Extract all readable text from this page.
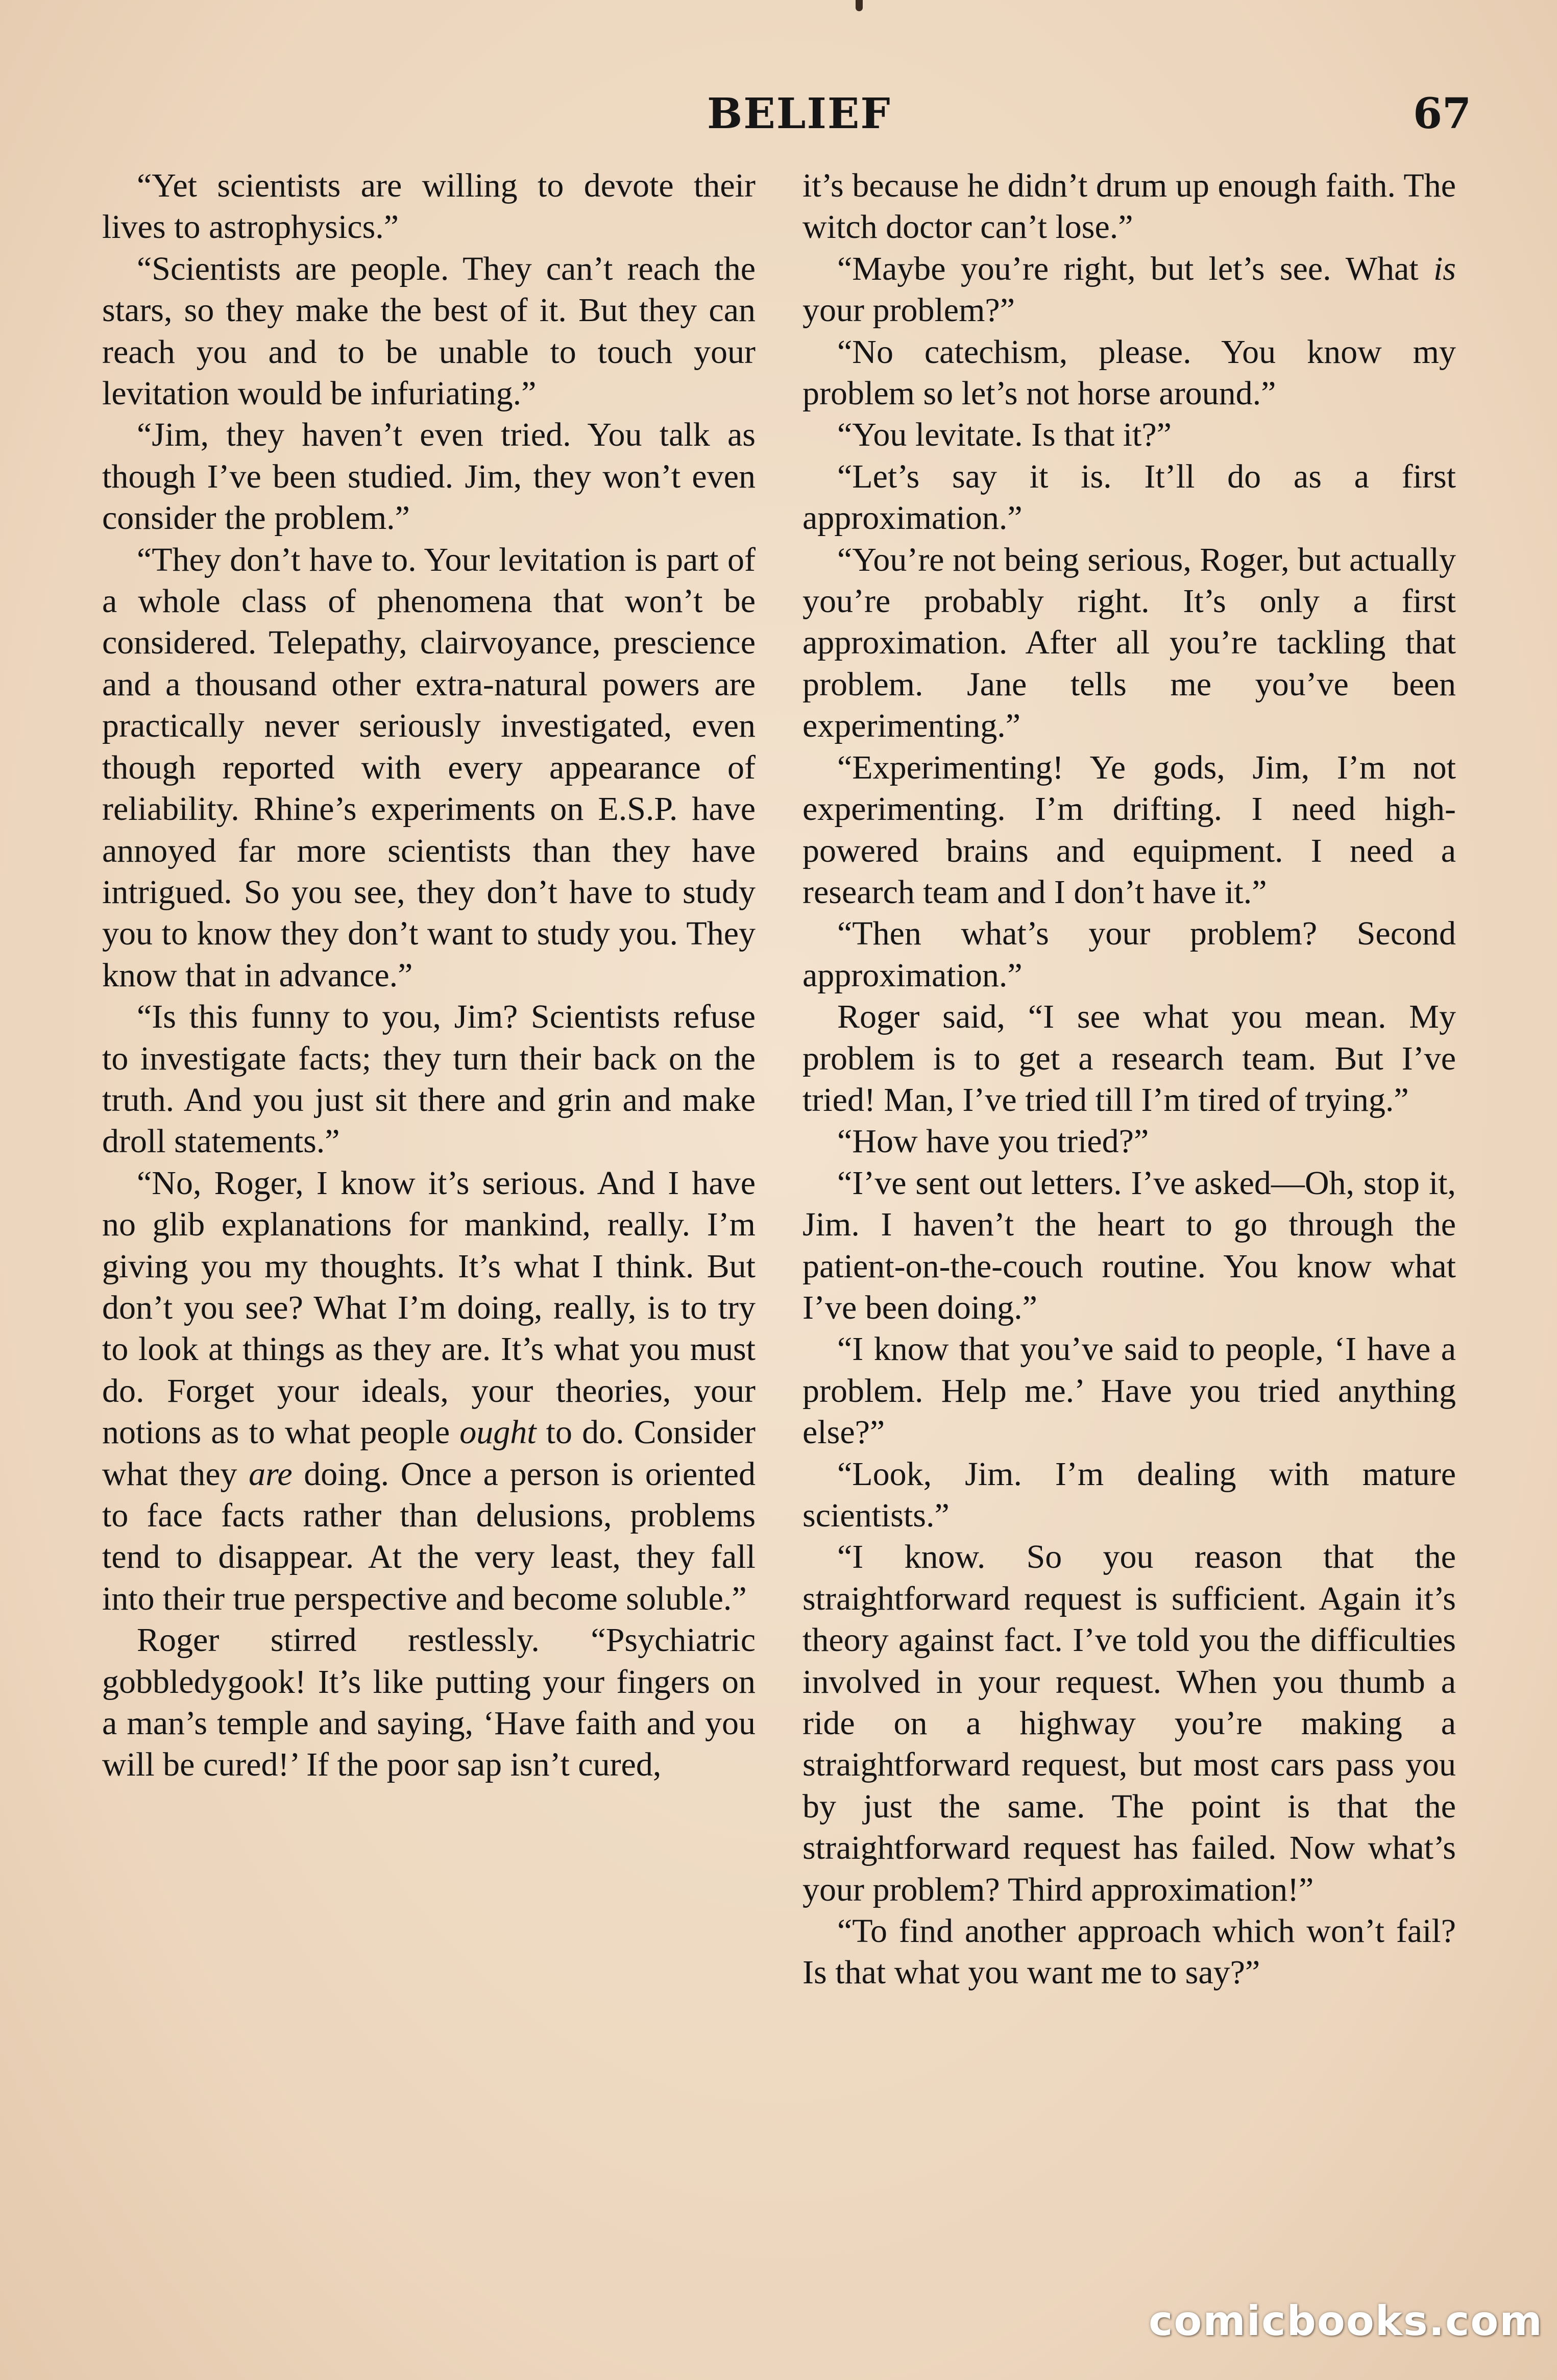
BELIEF	67

“Yet scientists are willing to devote their lives to astrophysics.”

“Scientists are people. They can’t reach the stars, so they make the best of it. But they can reach you and to be unable to touch your levitation would be infuriating.”

“Jim, they haven’t even tried. You talk as though I’ve been studied. Jim, they won’t even consider the problem.”

“They don’t have to. Your levitation is part of a whole class of phenomena that won’t be considered. Telepathy, clairvoyance, prescience and a thousand other extra-natural powers are practically never seriously investigated, even though reported with every appearance of reliability. Rhine’s experiments on E.S.P. have annoyed far more scientists than they have intrigued. So you see, they don’t have to study you to know they don’t want to study you. They know that in advance.”

“Is this funny to you, Jim? Scientists refuse to investigate facts; they turn their back on the truth. And you just sit there and grin and make droll statements.”

“No, Roger, I know it’s serious. And I have no glib explanations for mankind, really. I’m giving you my thoughts. It’s what I think. But don’t you see? What I’m doing, really, is to try to look at things as they are. It’s what you must do. Forget your ideals, your theories, your notions as to what people ought to do. Consider what they are doing. Once a person is oriented to face facts rather than delusions, problems tend to disappear. At the very least, they fall into their true perspective and become soluble.”

Roger stirred restlessly. “Psychiatric gobbledygook! It’s like putting your fingers on a man’s temple and saying, ‘Have faith and you will be cured!’ If the poor sap isn’t cured,

it’s because he didn’t drum up enough faith. The witch doctor can’t lose.”

“Maybe you’re right, but let’s see. What is your problem?”

“No catechism, please. You know my problem so let’s not horse around.”

“You levitate. Is that it?”

“Let’s say it is. It’ll do as a first approximation.”

“You’re not being serious, Roger, but actually you’re probably right. It’s only a first approximation. After all you’re tackling that problem. Jane tells me you’ve been experimenting.”

“Experimenting! Ye gods, Jim, I’m not experimenting. I’m drifting. I need high-powered brains and equipment. I need a research team and I don’t have it.”

“Then what’s your problem? Second approximation.”

Roger said, “I see what you mean. My problem is to get a research team. But I’ve tried! Man, I’ve tried till I’m tired of trying.”

“How have you tried?”

“I’ve sent out letters. I’ve asked—Oh, stop it, Jim. I haven’t the heart to go through the patient-on-the-couch routine. You know what I’ve been doing.”

“I know that you’ve said to people, ‘I have a problem. Help me.’ Have you tried anything else?”

“Look, Jim. I’m dealing with mature scientists.”

“I know. So you reason that the straightforward request is sufficient. Again it’s theory against fact. I’ve told you the difficulties involved in your request. When you thumb a ride on a highway you’re making a straightforward request, but most cars pass you by just the same. The point is that the straightforward request has failed. Now what’s your problem? Third approximation!”

“To find another approach which won’t fail? Is that what you want me to say?”

comicbooks.com
